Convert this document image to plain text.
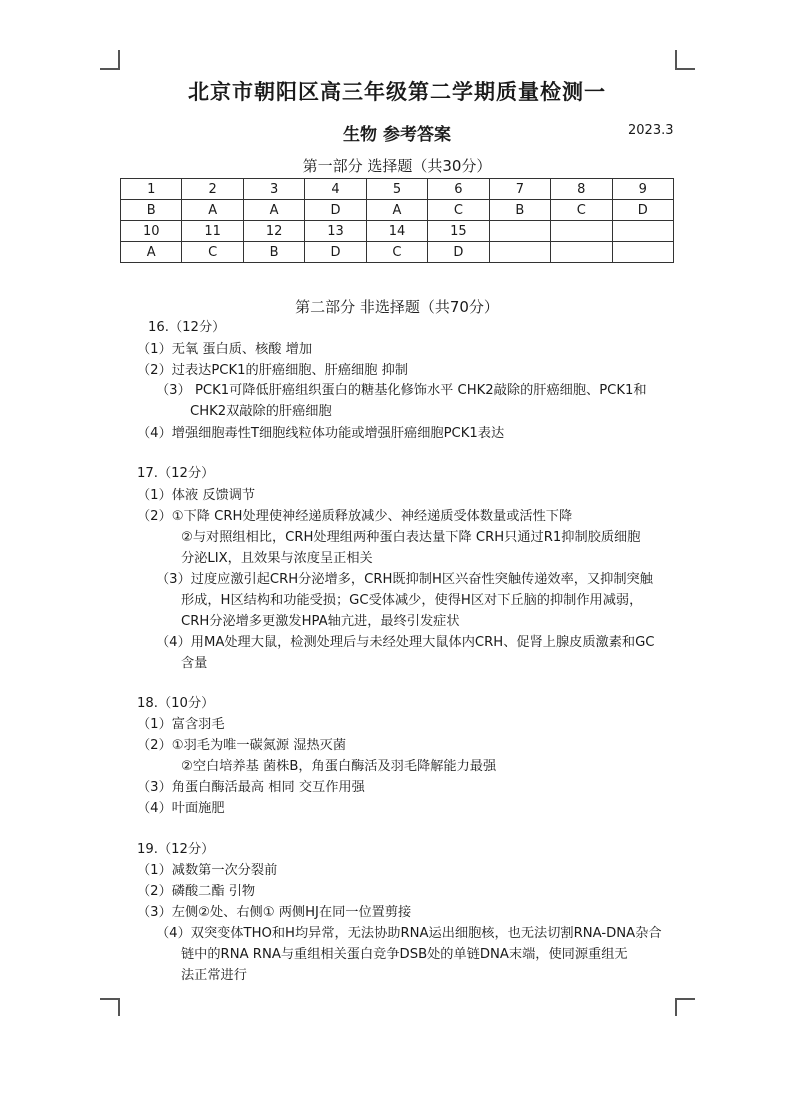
北京市朝阳区高三年级第二学期质量检测一
生物 参考答案	2023.3
第一部分 选择题（共30分）
1	2	3	4	5	6	7	8	9
B	A	A	D	A	C	B	C	D
10	11	12	13	14	15			
A	C	B	D	C	D			
第二部分 非选择题（共70分）
16.（12分）
（1）无氧 蛋白质、核酸 增加
（2）过表达PCK1的肝癌细胞、肝癌细胞 抑制
（3） PCK1可降低肝癌组织蛋白的糖基化修饰水平 CHK2敲除的肝癌细胞、PCK1和
CHK2双敲除的肝癌细胞
（4）增强细胞毒性T细胞线粒体功能或增强肝癌细胞PCK1表达
17.（12分）
（1）体液 反馈调节
（2）①下降 CRH处理使神经递质释放减少、神经递质受体数量或活性下降
②与对照组相比，CRH处理组两种蛋白表达量下降 CRH只通过R1抑制胶质细胞
分泌LIX，且效果与浓度呈正相关
（3）过度应激引起CRH分泌增多，CRH既抑制H区兴奋性突触传递效率，又抑制突触
形成，H区结构和功能受损；GC受体减少，使得H区对下丘脑的抑制作用减弱，
CRH分泌增多更激发HPA轴亢进，最终引发症状
（4）用MA处理大鼠，检测处理后与未经处理大鼠体内CRH、促肾上腺皮质激素和GC
含量
18.（10分）
（1）富含羽毛
（2）①羽毛为唯一碳氮源 湿热灭菌
②空白培养基 菌株B，角蛋白酶活及羽毛降解能力最强
（3）角蛋白酶活最高 相同 交互作用强
（4）叶面施肥
19.（12分）
（1）减数第一次分裂前
（2）磷酸二酯 引物
（3）左侧②处、右侧① 两侧HJ在同一位置剪接
（4）双突变体THO和H均异常，无法协助RNA运出细胞核，也无法切割RNA-DNA杂合
链中的RNA RNA与重组相关蛋白竞争DSB处的单链DNA末端，使同源重组无
法正常进行
